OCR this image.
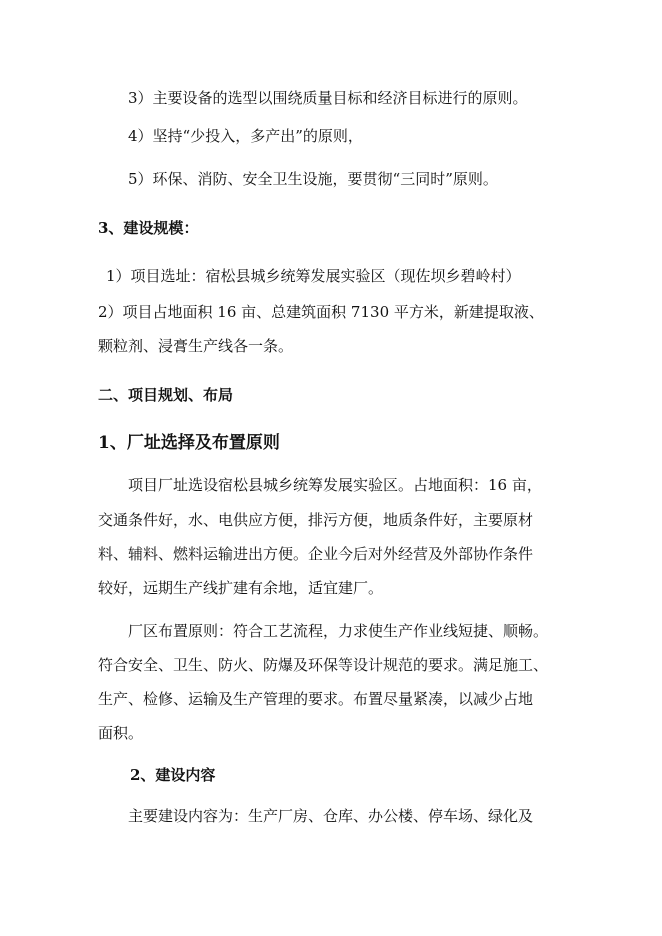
3）主要设备的选型以围绕质量目标和经济目标进行的原则。
4）坚持“少投入，多产出”的原则，
5）环保、消防、安全卫生设施，要贯彻“三同时”原则。
3、建设规模：
1）项目选址：宿松县城乡统筹发展实验区（现佐坝乡碧岭村）
2）项目占地面积 16 亩、总建筑面积 7130 平方米，新建提取液、
颗粒剂、浸膏生产线各一条。
二、项目规划、布局
1、厂址选择及布置原则
项目厂址选设宿松县城乡统筹发展实验区。占地面积：16 亩，
交通条件好，水、电供应方便，排污方便，地质条件好，主要原材
料、辅料、燃料运输进出方便。企业今后对外经营及外部协作条件
较好，远期生产线扩建有余地，适宜建厂。
厂区布置原则：符合工艺流程，力求使生产作业线短捷、顺畅。
符合安全、卫生、防火、防爆及环保等设计规范的要求。满足施工、
生产、检修、运输及生产管理的要求。布置尽量紧凑，以减少占地
面积。
2、建设内容
主要建设内容为：生产厂房、仓库、办公楼、停车场、绿化及
